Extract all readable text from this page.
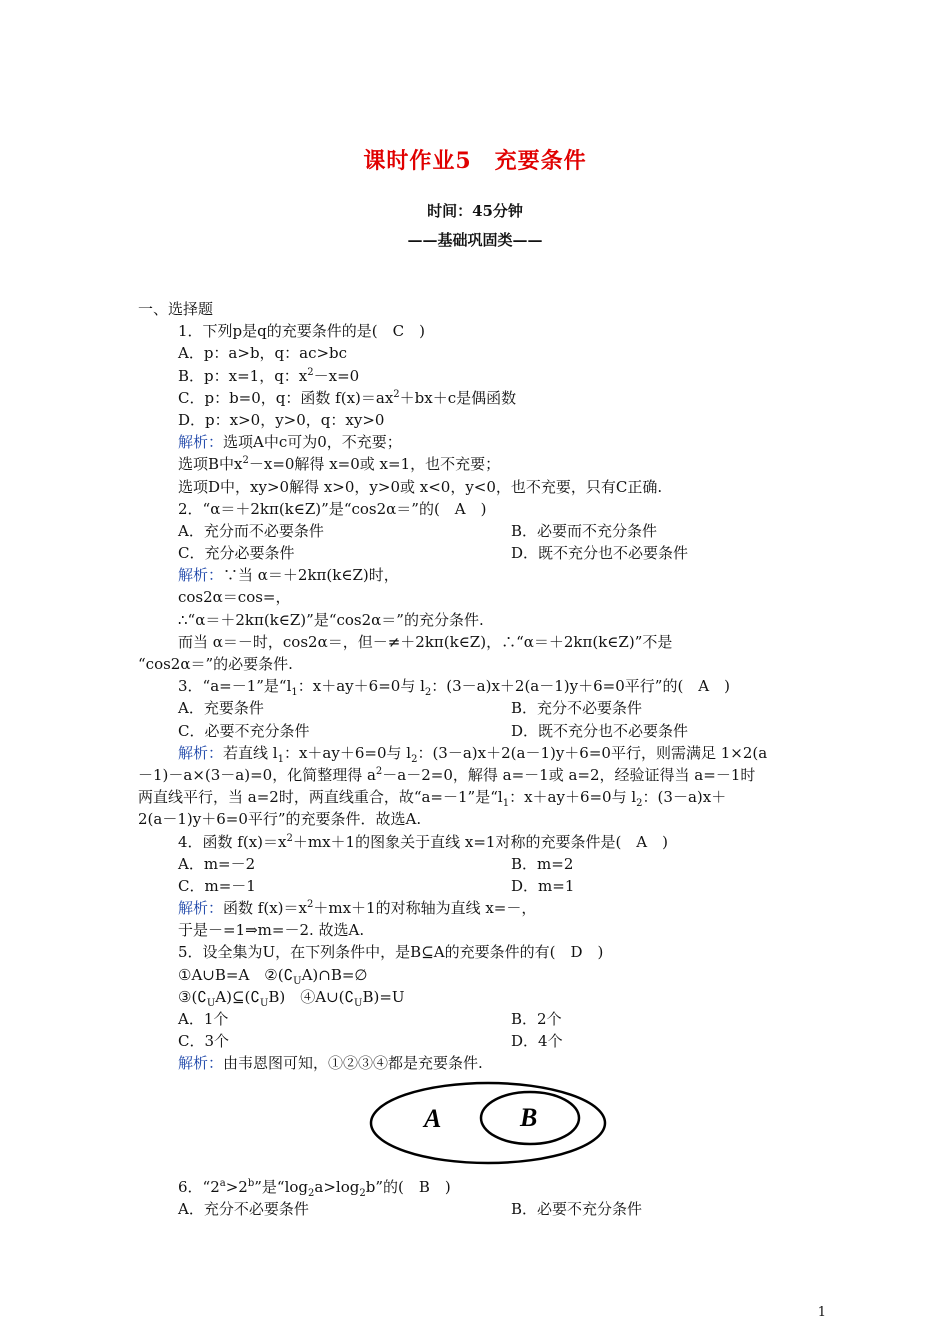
课时作业5　充要条件
时间：45分钟
——基础巩固类——
一、选择题
1．下列p是q的充要条件的是(　C　)
A．p：a>b，q：ac>bc
B．p：x=1，q：$x^2-x=0$
C．p：b=0，q：函数 $f(x)=ax^2+bx+c$是偶函数
D．p：x>0，y>0，q：xy>0
解析：选项A中c可为0，不充要；
选项B中$x^2-x=0$解得 x=0或 x=1，也不充要；
选项D中，xy>0解得 x>0，y>0或 x<0，y<0，也不充要，只有C正确.
2．“α＝＋2kπ(k∈Z)”是“cos2α＝”的(　A　)
A．充分而不必要条件	B．必要而不充分条件
C．充分必要条件	D．既不充分也不必要条件
解析：∵当 α＝＋2kπ(k∈Z)时，
cos2α＝cos=，
∴“α＝＋2kπ(k∈Z)”是“cos2α＝”的充分条件.
而当 α＝－时，cos2α＝，但－≠＋2kπ(k∈Z)，∴“α＝＋2kπ(k∈Z)”不是
“cos2α＝”的必要条件.
3．“a=－1”是“$l_1$：x＋ay＋6=0与 $l_2$：(3－a)x＋2(a－1)y＋6=0平行”的(　A　)
A．充要条件	B．充分不必要条件
C．必要不充分条件	D．既不充分也不必要条件
解析：若直线 $l_1$：x＋ay＋6=0与 $l_2$：(3－a)x＋2(a－1)y＋6=0平行，则需满足 1×2(a
－1)－a×(3－a)=0，化简整理得 $a^2-a-2=0$，解得 a=－1或 a=2，经验证得当 a=－1时
两直线平行，当 a=2时，两直线重合，故“a=－1”是“$l_1$：x＋ay＋6=0与 $l_2$：(3－a)x＋
2(a－1)y＋6=0平行”的充要条件．故选A.
4．函数 $f(x)=x^2+mx+1$的图象关于直线 x=1对称的充要条件是(　A　)
A．m=－2	B．m=2
C．m=－1	D．m=1
解析：函数 $f(x)=x^2+mx+1$的对称轴为直线 x=－，
于是－=1⇒m=－2. 故选A.
5．设全集为U，在下列条件中，是B⊆A的充要条件的有(　D　)
①A∪B=A　$②(∁_UA)\cap B=\emptyset$
$③(∁_UA)⊆(∁_UB)$　$④A\cup(∁_UB)=U$
A．1个	B．2个
C．3个	D．4个
解析：由韦恩图可知，①②③④都是充要条件.
A	B
6．“$2^a>2^b$”是“$\log_2a>\log_2b$”的(　B　)
A．充分不必要条件	B．必要不充分条件
1
